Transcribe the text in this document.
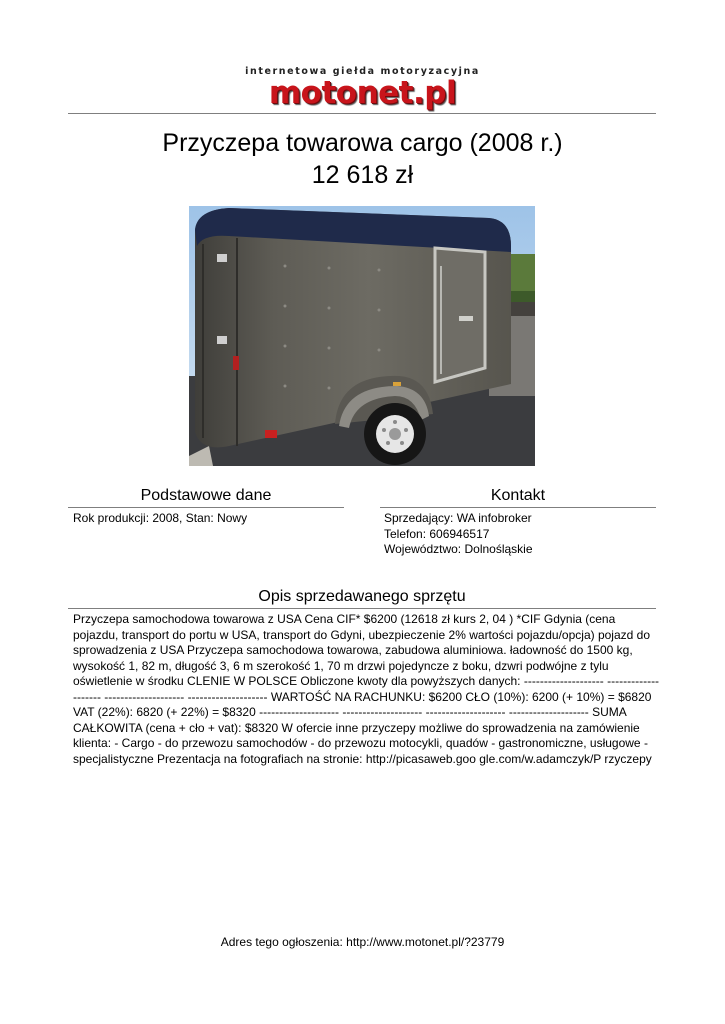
internetowa giełda motoryzacyjna
motonet.pl
Przyczepa towarowa cargo (2008 r.)
12 618 zł
Podstawowe dane
Rok produkcji: 2008, Stan: Nowy
Kontakt
Sprzedający: WA infobroker
Telefon: 606946517
Województwo: Dolnośląskie
Opis sprzedawanego sprzętu
Przyczepa samochodowa towarowa z USA Cena CIF* $6200 (12618 zł kurs 2, 04 ) *CIF Gdynia (cena pojazdu, transport do portu w USA, transport do Gdyni, ubezpieczenie 2% wartości pojazdu/opcja) pojazd do sprowadzenia z USA Przyczepa samochodowa towarowa, zabudowa aluminiowa. ładowność do 1500 kg, wysokość 1, 82 m, długość 3, 6 m szerokość 1, 70 m drzwi pojedyncze z boku, dzwri podwójne z tylu oświetlenie w środku CLENIE W POLSCE Obliczone kwoty dla powyższych danych: -------------------- -------------------- -------------------- -------------------- WARTOŚĆ NA RACHUNKU: $6200 CŁO (10%): 6200 (+ 10%) = $6820 VAT (22%): 6820 (+ 22%) = $8320 -------------------- -------------------- -------------------- -------------------- SUMA CAŁKOWITA (cena + cło + vat): $8320 W ofercie inne przyczepy możliwe do sprowadzenia na zamówienie klienta: - Cargo - do przewozu samochodów - do przewozu motocykli, quadów - gastronomiczne, usługowe - specjalistyczne Prezentacja na fotografiach na stronie: http://picasaweb.goo gle.com/w.adamczyk/P rzyczepy
Adres tego ogłoszenia: http://www.motonet.pl/?23779
